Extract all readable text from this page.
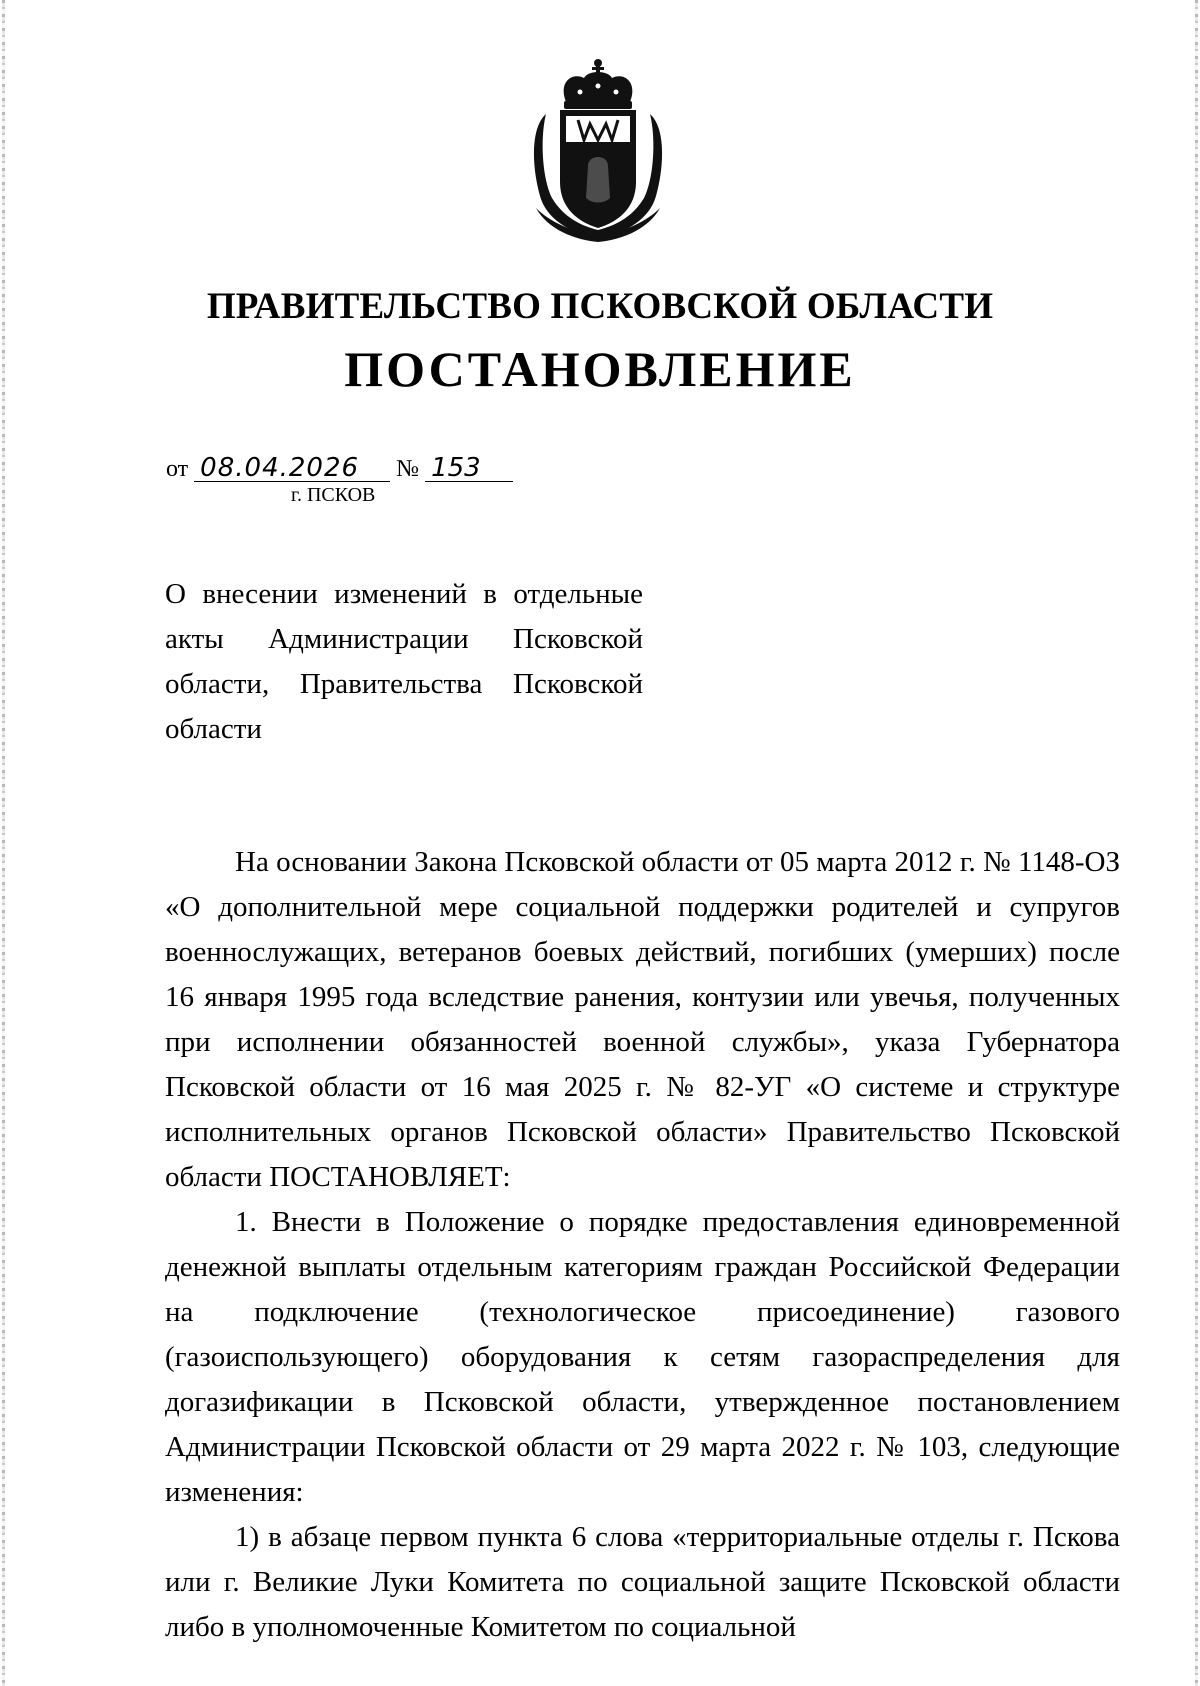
ПРАВИТЕЛЬСТВО ПСКОВСКОЙ ОБЛАСТИ
ПОСТАНОВЛЕНИЕ
от 08.04.2026 № 153
г. ПСКОВ
О внесении изменений в отдельные акты Администрации Псковской области, Правительства Псковской области

На основании Закона Псковской области от 05 марта 2012 г. № 1148-ОЗ «О дополнительной мере социальной поддержки родителей и супругов военнослужащих, ветеранов боевых действий, погибших (умерших) после 16 января 1995 года вследствие ранения, контузии или увечья, полученных при исполнении обязанностей военной службы», указа Губернатора Псковской области от 16 мая 2025 г. № 82-УГ «О системе и структуре исполнительных органов Псковской области» Правительство Псковской области ПОСТАНОВЛЯЕТ:

1. Внести в Положение о порядке предоставления единовременной денежной выплаты отдельным категориям граждан Российской Федерации на подключение (технологическое присоединение) газового (газоиспользующего) оборудования к сетям газораспределения для догазификации в Псковской области, утвержденное постановлением Администрации Псковской области от 29 марта 2022 г. № 103, следующие изменения:

1) в абзаце первом пункта 6 слова «территориальные отделы г. Пскова или г. Великие Луки Комитета по социальной защите Псковской области либо в уполномоченные Комитетом по социальной
